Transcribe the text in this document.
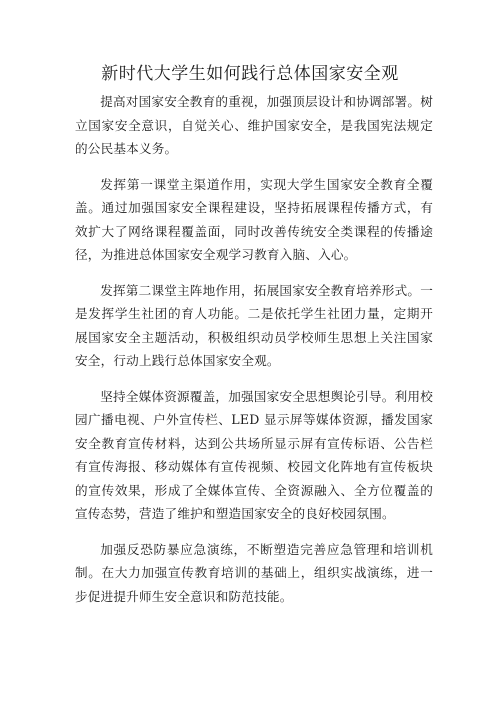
新时代大学生如何践行总体国家安全观

提高对国家安全教育的重视，加强顶层设计和协调部署。树立国家安全意识，自觉关心、维护国家安全，是我国宪法规定的公民基本义务。

发挥第一课堂主渠道作用，实现大学生国家安全教育全覆盖。通过加强国家安全课程建设，坚持拓展课程传播方式，有效扩大了网络课程覆盖面，同时改善传统安全类课程的传播途径，为推进总体国家安全观学习教育入脑、入心。

发挥第二课堂主阵地作用，拓展国家安全教育培养形式。一是发挥学生社团的育人功能。二是依托学生社团力量，定期开展国家安全主题活动，积极组织动员学校师生思想上关注国家安全，行动上践行总体国家安全观。

坚持全媒体资源覆盖，加强国家安全思想舆论引导。利用校园广播电视、户外宣传栏、LED 显示屏等媒体资源，播发国家安全教育宣传材料，达到公共场所显示屏有宣传标语、公告栏有宣传海报、移动媒体有宣传视频、校园文化阵地有宣传板块的宣传效果，形成了全媒体宣传、全资源融入、全方位覆盖的宣传态势，营造了维护和塑造国家安全的良好校园氛围。

加强反恐防暴应急演练，不断塑造完善应急管理和培训机制。在大力加强宣传教育培训的基础上，组织实战演练，进一步促进提升师生安全意识和防范技能。
